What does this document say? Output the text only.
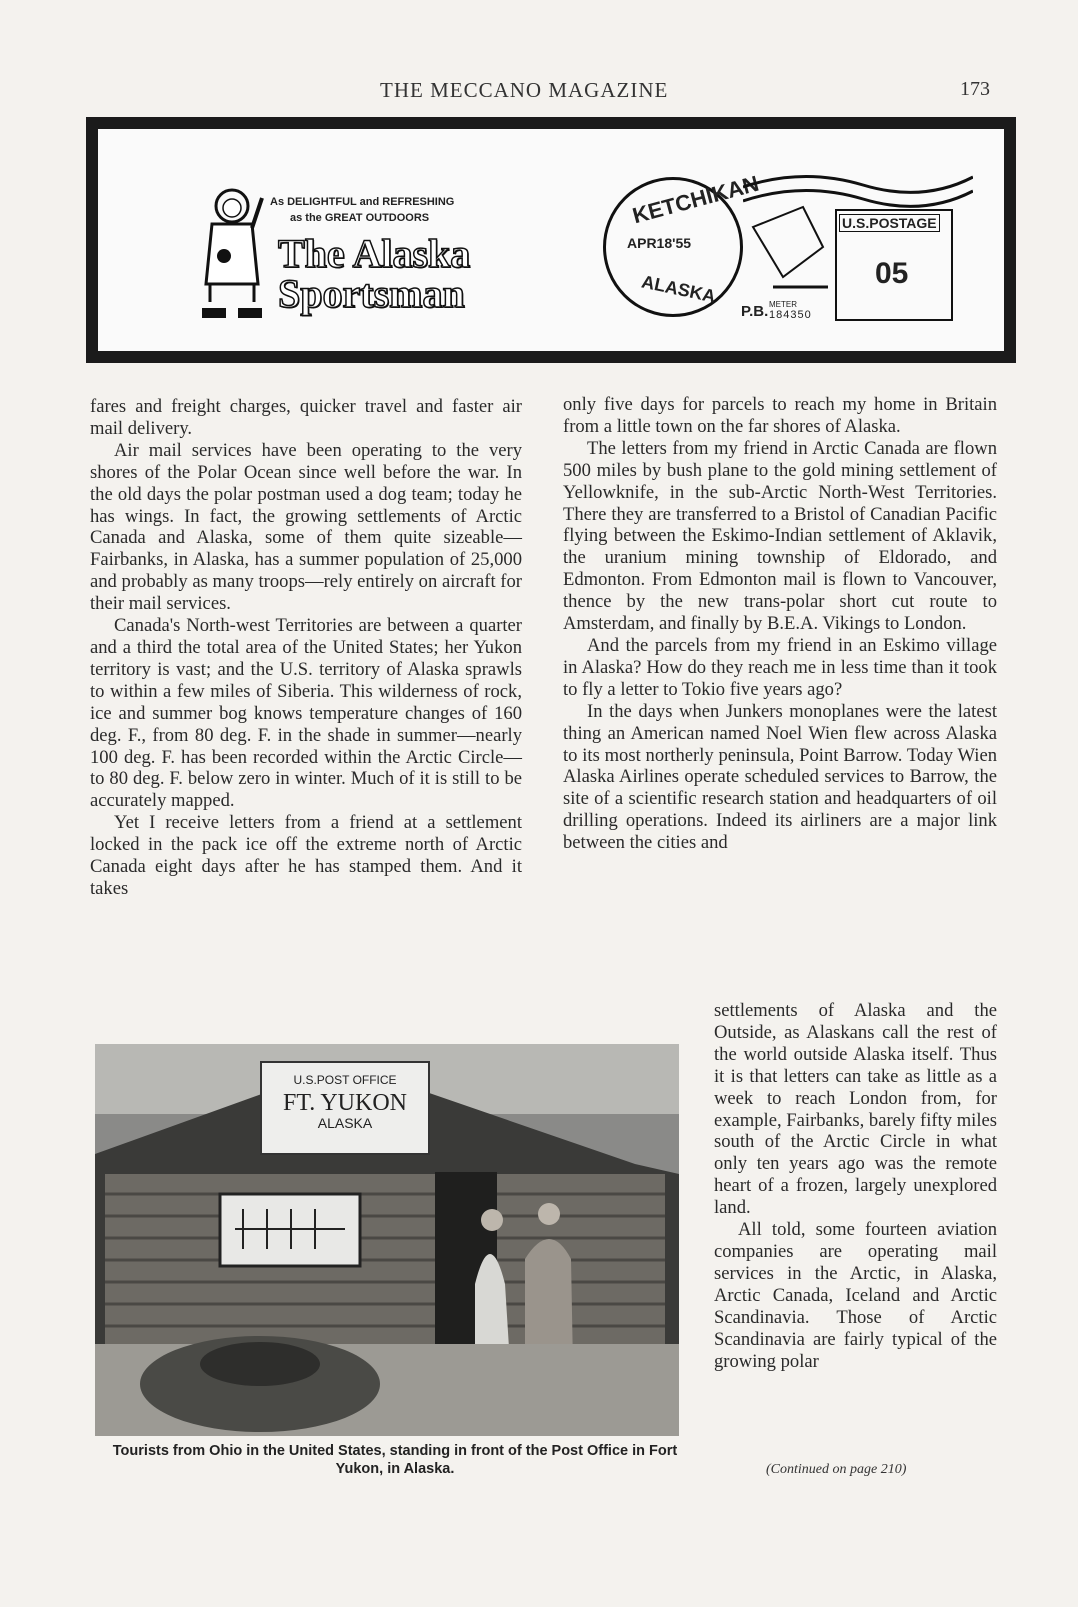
THE MECCANO MAGAZINE	173
As DELIGHTFUL and REFRESHING
as the GREAT OUTDOORS
The Alaska
Sportsman
KETCHIKAN
APR18'55
ALASKA
P.B. METER
184350
U.S.POSTAGE
05

fares and freight charges, quicker travel and faster air mail delivery.

Air mail services have been operating to the very shores of the Polar Ocean since well before the war. In the old days the polar postman used a dog team; today he has wings. In fact, the growing settlements of Arctic Canada and Alaska, some of them quite sizeable—Fairbanks, in Alaska, has a summer population of 25,000 and probably as many troops—rely entirely on aircraft for their mail services.

Canada's North-west Territories are between a quarter and a third the total area of the United States; her Yukon territory is vast; and the U.S. territory of Alaska sprawls to within a few miles of Siberia. This wilderness of rock, ice and summer bog knows temperature changes of 160 deg. F., from 80 deg. F. in the shade in summer—nearly 100 deg. F. has been recorded within the Arctic Circle—to 80 deg. F. below zero in winter. Much of it is still to be accurately mapped.

Yet I receive letters from a friend at a settlement locked in the pack ice off the extreme north of Arctic Canada eight days after he has stamped them. And it takes

only five days for parcels to reach my home in Britain from a little town on the far shores of Alaska.

The letters from my friend in Arctic Canada are flown 500 miles by bush plane to the gold mining settlement of Yellowknife, in the sub-Arctic North-West Territories. There they are transferred to a Bristol of Canadian Pacific flying between the Eskimo-Indian settlement of Aklavik, the uranium mining township of Eldorado, and Edmonton. From Edmonton mail is flown to Vancouver, thence by the new trans-polar short cut route to Amsterdam, and finally by B.E.A. Vikings to London.

And the parcels from my friend in an Eskimo village in Alaska? How do they reach me in less time than it took to fly a letter to Tokio five years ago?

In the days when Junkers monoplanes were the latest thing an American named Noel Wien flew across Alaska to its most northerly peninsula, Point Barrow. Today Wien Alaska Airlines operate scheduled services to Barrow, the site of a scientific research station and headquarters of oil drilling operations. Indeed its airliners are a major link between the cities and

settlements of Alaska and the Outside, as Alaskans call the rest of the world outside Alaska itself. Thus it is that letters can take as little as a week to reach London from, for example, Fairbanks, barely fifty miles south of the Arctic Circle in what only ten years ago was the remote heart of a frozen, largely unexplored land.

All told, some fourteen aviation companies are operating mail services in the Arctic, in Alaska, Arctic Canada, Iceland and Arctic Scandinavia. Those of Arctic Scandinavia are fairly typical of the growing polar

U.S.POST OFFICE
FT. YUKON
ALASKA
Tourists from Ohio in the United States, standing in front of the Post Office in Fort Yukon, in Alaska.	(Continued on page 210)
